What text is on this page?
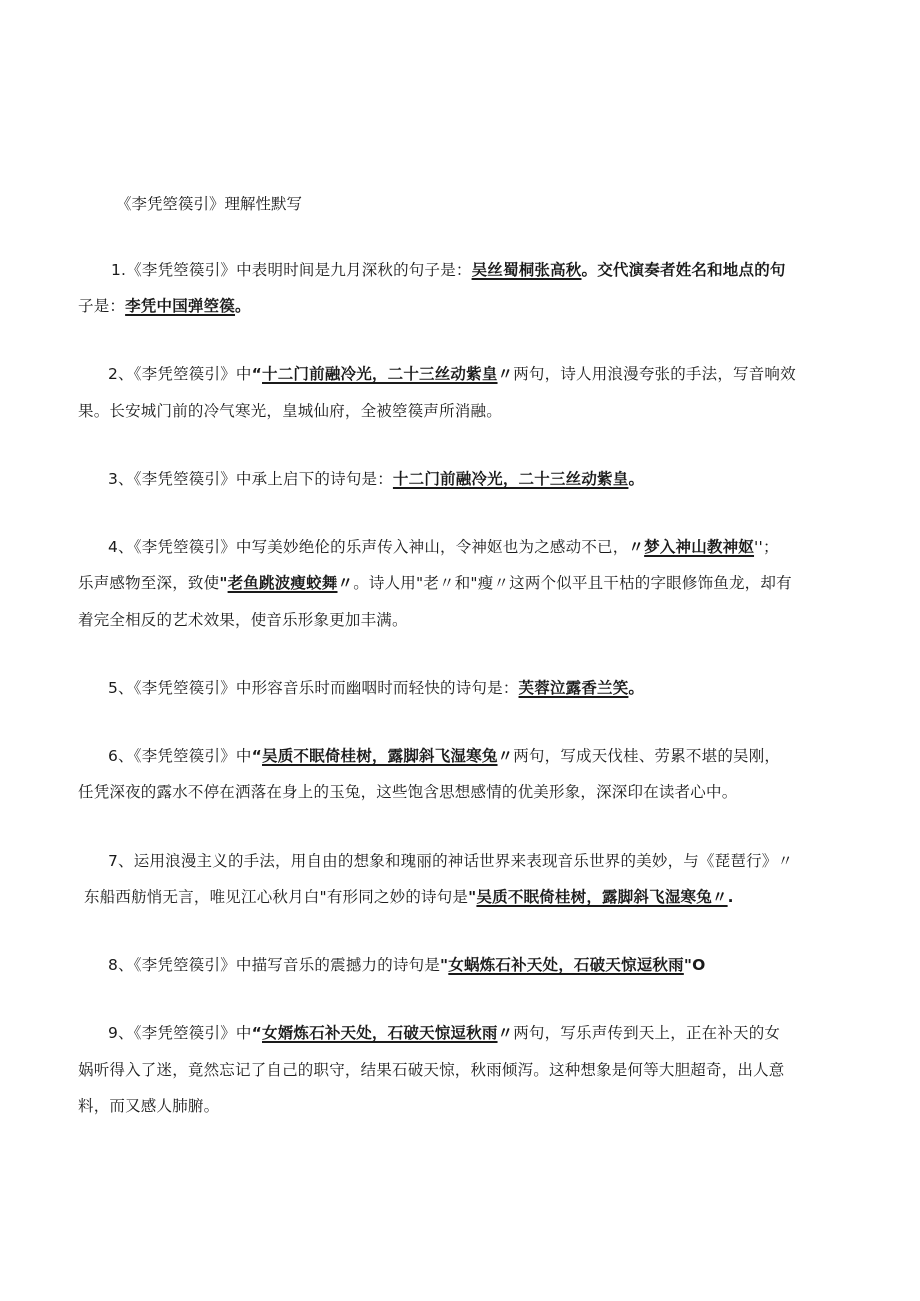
《李凭箜篌引》理解性默写
1.《李凭箜篌引》中表明时间是九月深秋的句子是：吴丝蜀桐张高秋。交代演奏者姓名和地点的句
子是：李凭中国弹箜篌。
2、《李凭箜篌引》中“十二门前融冷光，二十三丝动紫皇〃两句，诗人用浪漫夸张的手法，写音响效
果。长安城门前的冷气寒光，皇城仙府，全被箜篌声所消融。
3、《李凭箜篌引》中承上启下的诗句是：十二门前融冷光，二十三丝动紫皇。
4、《李凭箜篌引》中写美妙绝伦的乐声传入神山，令神妪也为之感动不已，〃梦入神山教神妪''；
乐声感物至深，致使"老鱼跳波瘦蛟舞〃。诗人用"老〃和"瘦〃这两个似平且干枯的字眼修饰鱼龙，却有
着完全相反的艺术效果，使音乐形象更加丰满。
5、《李凭箜篌引》中形容音乐时而幽咽时而轻快的诗句是：芙蓉泣露香兰笑。
6、《李凭箜篌引》中“吴质不眠倚桂树，露脚斜飞湿寒兔〃两句，写成天伐桂、劳累不堪的吴刚，
任凭深夜的露水不停在洒落在身上的玉兔，这些饱含思想感情的优美形象，深深印在读者心中。
7、运用浪漫主义的手法，用自由的想象和瑰丽的神话世界来表现音乐世界的美妙，与《琵琶行》〃
东船西舫悄无言，唯见江心秋月白"有形同之妙的诗句是"吴质不眠倚桂树，露脚斜飞湿寒兔〃.
8、《李凭箜篌引》中描写音乐的震撼力的诗句是"女蜗炼石补天处，石破天惊逗秋雨"O
9、《李凭箜篌引》中“女婿炼石补天处，石破天惊逗秋雨〃两句，写乐声传到天上，正在补天的女
娲听得入了迷，竟然忘记了自己的职守，结果石破天惊，秋雨倾泻。这种想象是何等大胆超奇，出人意
料，而又感人肺腑。
